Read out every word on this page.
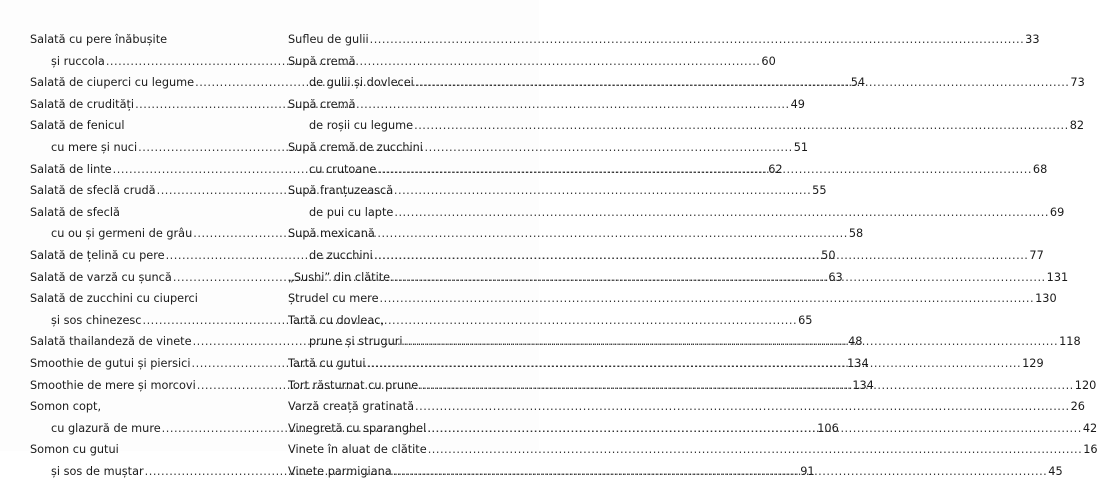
Salată cu pere înăbușite
și ruccola .....	60
Salată de ciuperci cu legume .....	54
Salată de crudități .....	49
Salată de fenicul
cu mere și nuci .....	51
Salată de linte .....	62
Salată de sfeclă crudă .....	55
Salată de sfeclă
cu ou și germeni de grâu .....	58
Salată de țelină cu pere .....	50
Salată de varză cu șuncă .....	63
Salată de zucchini cu ciuperci
și sos chinezesc .....	65
Salată thailandeză de vinete .....	48
Smoothie de gutui și piersici .....	134
Smoothie de mere și morcovi .....	134
Somon copt,
cu glazură de mure .....	106
Somon cu gutui
și sos de muștar .....	91
Sufleu de gulii .....	33
Supă cremă
de gulii și dovlecei .....	73
Supă cremă
de roșii cu legume .....	82
Supă cremă de zucchini
cu crutoane .....	68
Supă franțuzească
de pui cu lapte .....	69
Supă mexicană
de zucchini .....	77
„Sushi” din clătite .....	131
Ștrudel cu mere .....	130
Tartă cu dovleac,
prune și struguri .....	118
Tartă cu gutui .....	129
Tort răsturnat cu prune .....	120
Varză creață gratinată .....	26
Vinegretă cu sparanghel .....	42
Vinete în aluat de clătite .....	16
Vinete parmigiana .....	45
